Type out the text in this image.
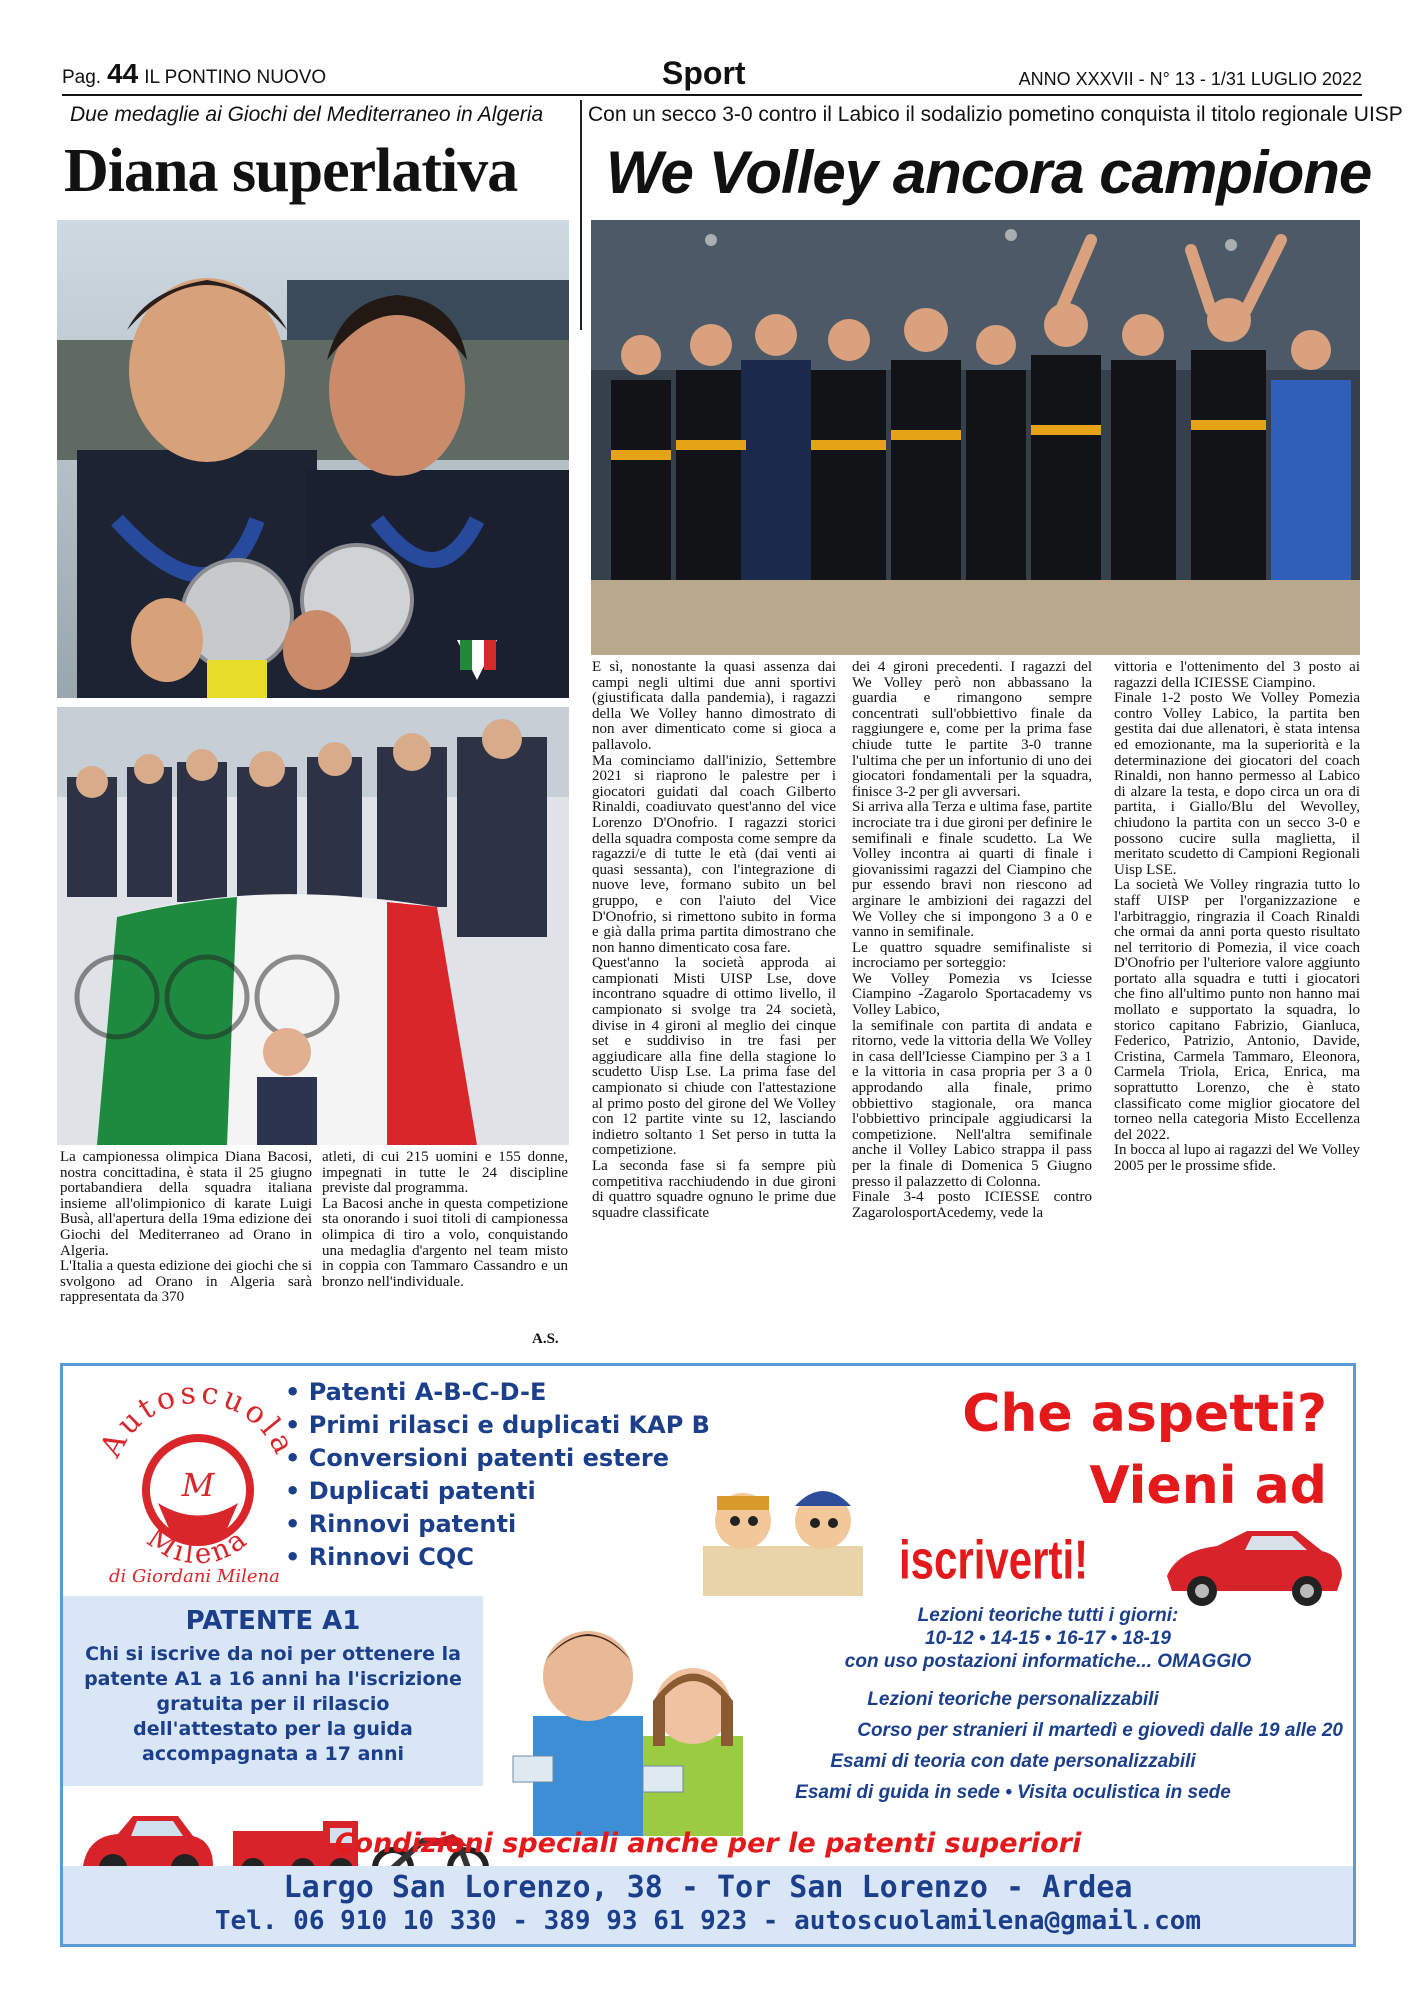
Pag. 44 IL PONTINO NUOVO	Sport	ANNO XXXVII - N° 13 - 1/31 LUGLIO 2022
Due medaglie ai Giochi del Mediterraneo in Algeria
Diana superlativa
La campionessa olimpica Diana Bacosi, nostra concittadina, è stata il 25 giugno portabandiera della squadra italiana insieme all'olimpionico di karate Luigi Busà, all'apertura della 19ma edizione dei Giochi del Mediterraneo ad Orano in Algeria.
L'Italia a questa edizione dei giochi che si svolgono ad Orano in Algeria sarà rappresentata da 370
atleti, di cui 215 uomini e 155 donne, impegnati in tutte le 24 discipline previste dal programma.
La Bacosi anche in questa competizione sta onorando i suoi titoli di campionessa olimpica di tiro a volo, conquistando una medaglia d'argento nel team misto in coppia con Tammaro Cassandro e un bronzo nell'individuale.
A.S.
Con un secco 3-0 contro il Labico il sodalizio pometino conquista il titolo regionale UISP
We Volley ancora campione
E sì, nonostante la quasi assenza dai campi negli ultimi due anni sportivi (giustificata dalla pandemia), i ragazzi della We Volley hanno dimostrato di non aver dimenticato come si gioca a pallavolo.
Ma cominciamo dall'inizio, Settembre 2021 si riaprono le palestre per i giocatori guidati dal coach Gilberto Rinaldi, coadiuvato quest'anno del vice Lorenzo D'Onofrio. I ragazzi storici della squadra composta come sempre da ragazzi/e di tutte le età (dai venti ai quasi sessanta), con l'integrazione di nuove leve, formano subito un bel gruppo, e con l'aiuto del Vice D'Onofrio, si rimettono subito in forma e già dalla prima partita dimostrano che non hanno dimenticato cosa fare.
Quest'anno la società approda ai campionati Misti UISP Lse, dove incontrano squadre di ottimo livello, il campionato si svolge tra 24 società, divise in 4 gironi al meglio dei cinque set e suddiviso in tre fasi per aggiudicare alla fine della stagione lo scudetto Uisp Lse. La prima fase del campionato si chiude con l'attestazione al primo posto del girone del We Volley con 12 partite vinte su 12, lasciando indietro soltanto 1 Set perso in tutta la competizione.
La seconda fase si fa sempre più competitiva racchiudendo in due gironi di quattro squadre ognuno le prime due squadre classificate
dei 4 gironi precedenti. I ragazzi del We Volley però non abbassano la guardia e rimangono sempre concentrati sull'obbiettivo finale da raggiungere e, come per la prima fase chiude tutte le partite 3-0 tranne l'ultima che per un infortunio di uno dei giocatori fondamentali per la squadra, finisce 3-2 per gli avversari.
Si arriva alla Terza e ultima fase, partite incrociate tra i due gironi per definire le semifinali e finale scudetto. La We Volley incontra ai quarti di finale i giovanissimi ragazzi del Ciampino che pur essendo bravi non riescono ad arginare le ambizioni dei ragazzi del We Volley che si impongono 3 a 0 e vanno in semifinale.
Le quattro squadre semifinaliste si incrociamo per sorteggio:
We Volley Pomezia vs Iciesse Ciampino -Zagarolo Sportacademy vs Volley Labico,
la semifinale con partita di andata e ritorno, vede la vittoria della We Volley in casa dell'Iciesse Ciampino per 3 a 1 e la vittoria in casa propria per 3 a 0 approdando alla finale, primo obbiettivo stagionale, ora manca l'obbiettivo principale aggiudicarsi la competizione. Nell'altra semifinale anche il Volley Labico strappa il pass per la finale di Domenica 5 Giugno presso il palazzetto di Colonna.
Finale 3-4 posto ICIESSE contro ZagarolosportAcedemy, vede la
vittoria e l'ottenimento del 3 posto ai ragazzi della ICIESSE Ciampino.
Finale 1-2 posto We Volley Pomezia contro Volley Labico, la partita ben gestita dai due allenatori, è stata intensa ed emozionante, ma la superiorità e la determinazione dei giocatori del coach Rinaldi, non hanno permesso al Labico di alzare la testa, e dopo circa un ora di partita, i Giallo/Blu del Wevolley, chiudono la partita con un secco 3-0 e possono cucire sulla maglietta, il meritato scudetto di Campioni Regionali Uisp LSE.
La società We Volley ringrazia tutto lo staff UISP per l'organizzazione e l'arbitraggio, ringrazia il Coach Rinaldi che ormai da anni porta questo risultato nel territorio di Pomezia, il vice coach D'Onofrio per l'ulteriore valore aggiunto portato alla squadra e tutti i giocatori che fino all'ultimo punto non hanno mai mollato e supportato la squadra, lo storico capitano Fabrizio, Gianluca, Federico, Patrizio, Antonio, Davide, Cristina, Carmela Tammaro, Eleonora, Carmela Triola, Erica, Enrica, ma soprattutto Lorenzo, che è stato classificato come miglior giocatore del torneo nella categoria Misto Eccellenza del 2022.
In bocca al lupo ai ragazzi del We Volley 2005 per le prossime sfide.
Autoscuola
M
Milena
di Giordani Milena
• Patenti A-B-C-D-E
• Primi rilasci e duplicati KAP B
• Conversioni patenti estere
• Duplicati patenti
• Rinnovi patenti
• Rinnovi CQC
Che aspetti?
Vieni ad
iscriverti!
PATENTE A1
Chi si iscrive da noi per ottenere la patente A1 a 16 anni ha l'iscrizione gratuita per il rilascio dell'attestato per la guida accompagnata a 17 anni
Lezioni teoriche tutti i giorni:
10-12 • 14-15 • 16-17 • 18-19
con uso postazioni informatiche... OMAGGIO
Lezioni teoriche personalizzabili
Corso per stranieri il martedì e giovedì dalle 19 alle 20
Esami di teoria con date personalizzabili
Esami di guida in sede • Visita oculistica in sede
Condizioni speciali anche per le patenti superiori
Largo San Lorenzo, 38 - Tor San Lorenzo - Ardea
Tel. 06 910 10 330 - 389 93 61 923 - autoscuolamilena@gmail.com
